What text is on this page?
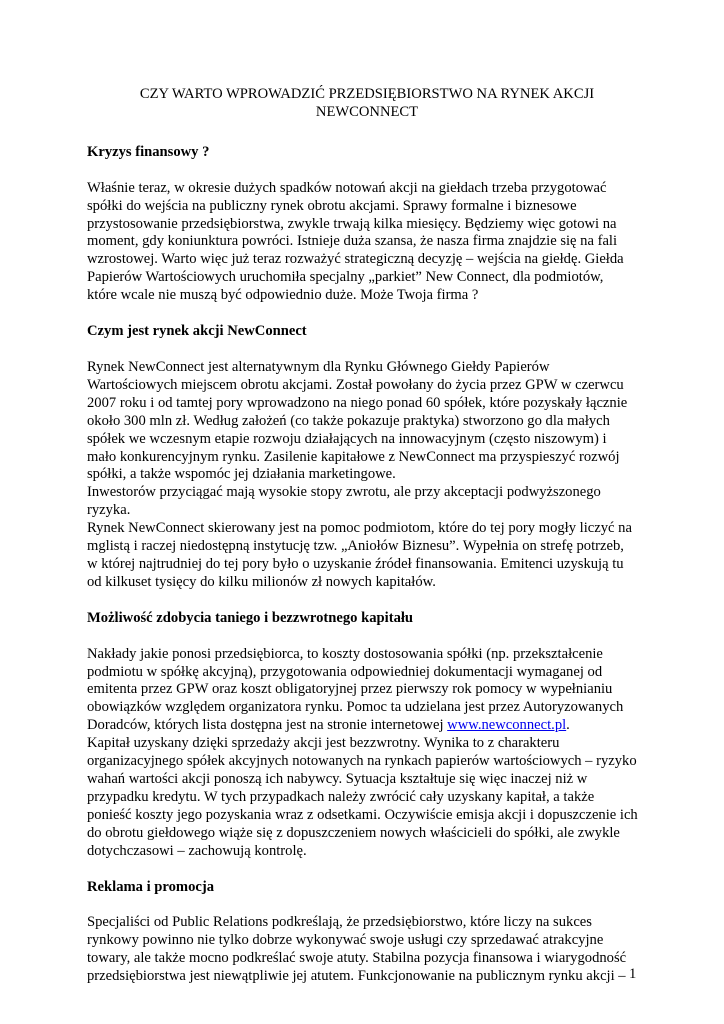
CZY WARTO WPROWADZIĆ PRZEDSIĘBIORSTWO NA RYNEK AKCJI
NEWCONNECT
Kryzys finansowy ?

Właśnie teraz, w okresie dużych spadków notowań akcji na giełdach trzeba przygotować
spółki do wejścia na publiczny rynek obrotu akcjami. Sprawy formalne i biznesowe
przystosowanie przedsiębiorstwa, zwykle trwają kilka miesięcy. Będziemy więc gotowi na
moment, gdy koniunktura powróci. Istnieje duża szansa, że nasza firma znajdzie się na fali
wzrostowej. Warto więc już teraz rozważyć strategiczną decyzję – wejścia na giełdę. Giełda
Papierów Wartościowych uruchomiła specjalny „parkiet” New Connect, dla podmiotów,
które wcale nie muszą być odpowiednio duże. Może Twoja firma ?

Czym jest rynek akcji NewConnect

Rynek NewConnect jest alternatywnym dla Rynku Głównego Giełdy Papierów
Wartościowych miejscem obrotu akcjami. Został powołany do życia przez GPW w czerwcu
2007 roku i od tamtej pory wprowadzono na niego ponad 60 spółek, które pozyskały łącznie
około 300 mln zł. Według założeń (co także pokazuje praktyka) stworzono go dla małych
spółek we wczesnym etapie rozwoju działających na innowacyjnym (często niszowym) i
mało konkurencyjnym rynku. Zasilenie kapitałowe z NewConnect ma przyspieszyć rozwój
spółki, a także wspomóc jej działania marketingowe.
Inwestorów przyciągać mają wysokie stopy zwrotu, ale przy akceptacji podwyższonego
ryzyka.
Rynek NewConnect skierowany jest na pomoc podmiotom, które do tej pory mogły liczyć na
mglistą i raczej niedostępną instytucję tzw. „Aniołów Biznesu”. Wypełnia on strefę potrzeb,
w której najtrudniej do tej pory było o uzyskanie źródeł finansowania. Emitenci uzyskują tu
od kilkuset tysięcy do kilku milionów zł nowych kapitałów.

Możliwość zdobycia taniego i bezzwrotnego kapitału

Nakłady jakie ponosi przedsiębiorca, to koszty dostosowania spółki (np. przekształcenie
podmiotu w spółkę akcyjną), przygotowania odpowiedniej dokumentacji wymaganej od
emitenta przez GPW oraz koszt obligatoryjnej przez pierwszy rok pomocy w wypełnianiu
obowiązków względem organizatora rynku. Pomoc ta udzielana jest przez Autoryzowanych
Doradców, których lista dostępna jest na stronie internetowej www.newconnect.pl.
Kapitał uzyskany dzięki sprzedaży akcji jest bezzwrotny. Wynika to z charakteru
organizacyjnego spółek akcyjnych notowanych na rynkach papierów wartościowych – ryzyko
wahań wartości akcji ponoszą ich nabywcy. Sytuacja kształtuje się więc inaczej niż w
przypadku kredytu. W tych przypadkach należy zwrócić cały uzyskany kapitał, a także
ponieść koszty jego pozyskania wraz z odsetkami. Oczywiście emisja akcji i dopuszczenie ich
do obrotu giełdowego wiąże się z dopuszczeniem nowych właścicieli do spółki, ale zwykle
dotychczasowi – zachowują kontrolę.

Reklama i promocja

Specjaliści od Public Relations podkreślają, że przedsiębiorstwo, które liczy na sukces
rynkowy powinno nie tylko dobrze wykonywać swoje usługi czy sprzedawać atrakcyjne
towary, ale także mocno podkreślać swoje atuty. Stabilna pozycja finansowa i wiarygodność
przedsiębiorstwa jest niewątpliwie jej atutem. Funkcjonowanie na publicznym rynku akcji – 1
